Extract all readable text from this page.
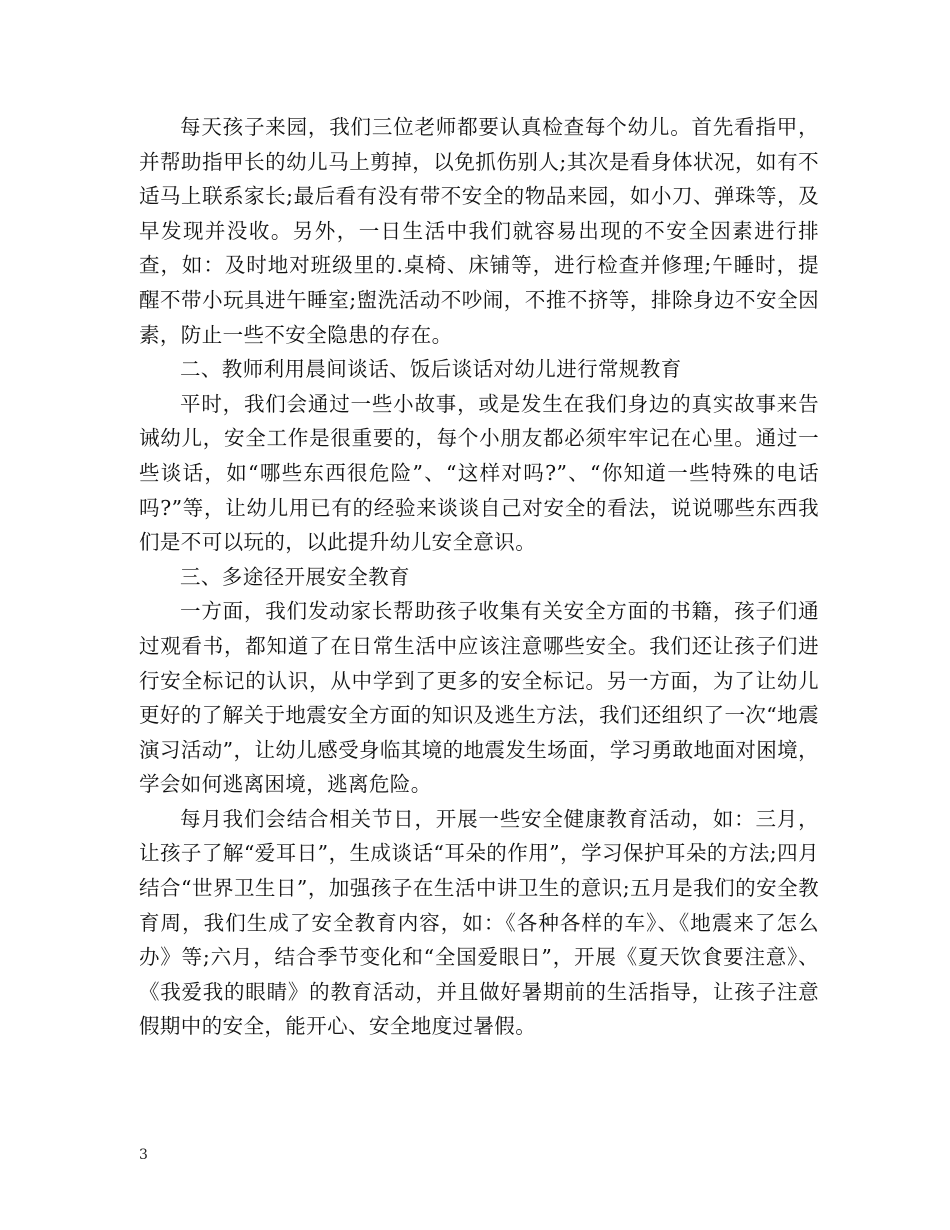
每天孩子来园，我们三位老师都要认真检查每个幼儿。首先看指甲，并帮助指甲长的幼儿马上剪掉，以免抓伤别人;其次是看身体状况，如有不适马上联系家长;最后看有没有带不安全的物品来园，如小刀、弹珠等，及早发现并没收。另外，一日生活中我们就容易出现的不安全因素进行排查，如：及时地对班级里的.桌椅、床铺等，进行检查并修理;午睡时，提醒不带小玩具进午睡室;盥洗活动不吵闹，不推不挤等，排除身边不安全因素，防止一些不安全隐患的存在。

二、教师利用晨间谈话、饭后谈话对幼儿进行常规教育

平时，我们会通过一些小故事，或是发生在我们身边的真实故事来告诫幼儿，安全工作是很重要的，每个小朋友都必须牢牢记在心里。通过一些谈话，如“哪些东西很危险”、“这样对吗?”、“你知道一些特殊的电话吗?”等，让幼儿用已有的经验来谈谈自己对安全的看法，说说哪些东西我们是不可以玩的，以此提升幼儿安全意识。

三、多途径开展安全教育

一方面，我们发动家长帮助孩子收集有关安全方面的书籍，孩子们通过观看书，都知道了在日常生活中应该注意哪些安全。我们还让孩子们进行安全标记的认识，从中学到了更多的安全标记。另一方面，为了让幼儿更好的了解关于地震安全方面的知识及逃生方法，我们还组织了一次“地震演习活动”，让幼儿感受身临其境的地震发生场面，学习勇敢地面对困境，学会如何逃离困境，逃离危险。

每月我们会结合相关节日，开展一些安全健康教育活动，如：三月，让孩子了解“爱耳日”，生成谈话“耳朵的作用”，学习保护耳朵的方法;四月结合“世界卫生日”，加强孩子在生活中讲卫生的意识;五月是我们的安全教育周，我们生成了安全教育内容，如：《各种各样的车》、《地震来了怎么办》等;六月，结合季节变化和“全国爱眼日”，开展《夏天饮食要注意》、《我爱我的眼睛》的教育活动，并且做好暑期前的生活指导，让孩子注意假期中的安全，能开心、安全地度过暑假。

3
